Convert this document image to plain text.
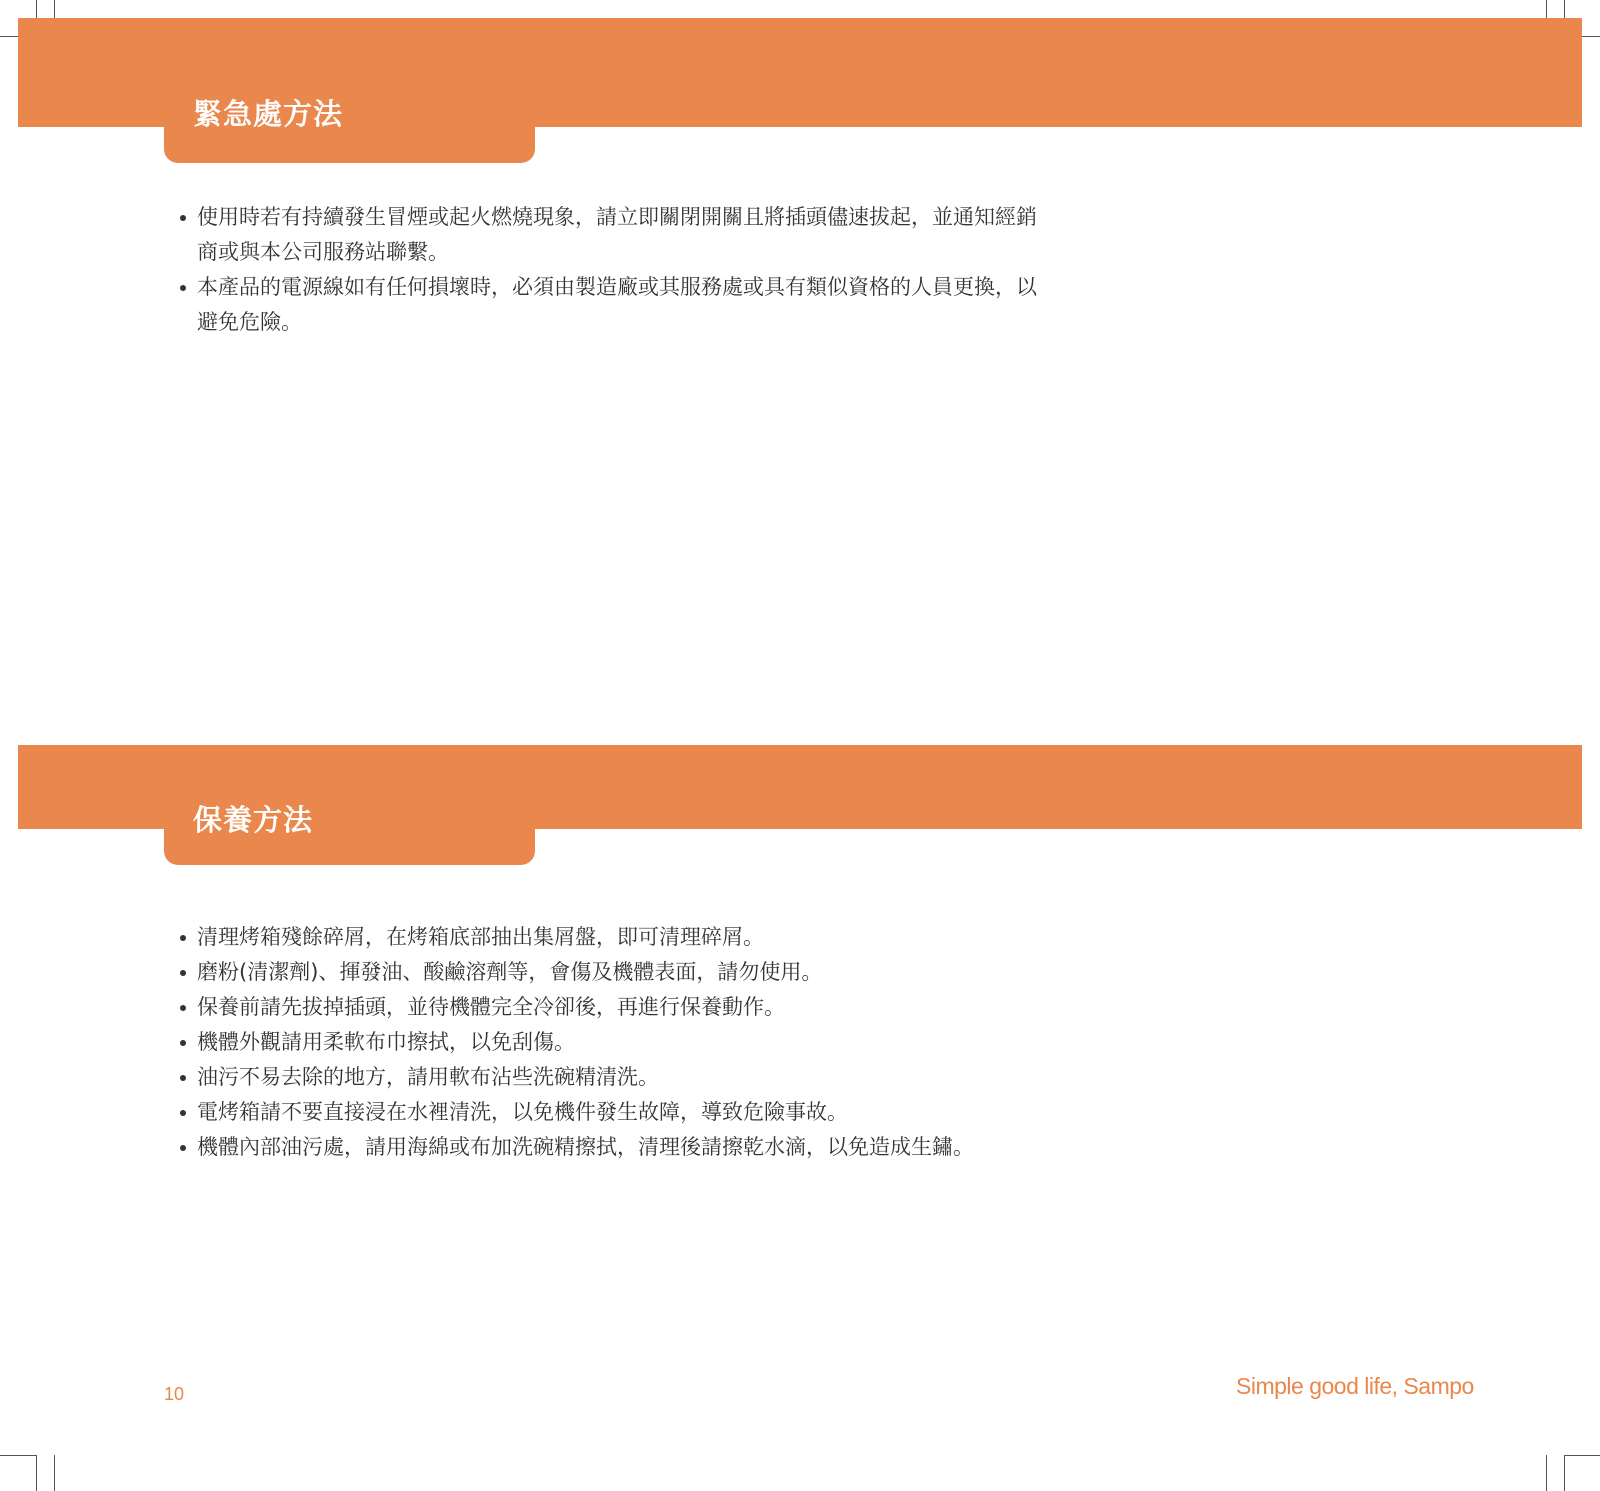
緊急處方法
使用時若有持續發生冒煙或起火燃燒現象，請立即關閉開關且將插頭儘速拔起，並通知經銷商或與本公司服務站聯繫。
本產品的電源線如有任何損壞時，必須由製造廠或其服務處或具有類似資格的人員更換，以避免危險。
保養方法
清理烤箱殘餘碎屑，在烤箱底部抽出集屑盤，即可清理碎屑。
磨粉(清潔劑)、揮發油、酸鹼溶劑等，會傷及機體表面，請勿使用。
保養前請先拔掉插頭，並待機體完全冷卻後，再進行保養動作。
機體外觀請用柔軟布巾擦拭，以免刮傷。
油污不易去除的地方，請用軟布沾些洗碗精清洗。
電烤箱請不要直接浸在水裡清洗，以免機件發生故障，導致危險事故。
機體內部油污處，請用海綿或布加洗碗精擦拭，清理後請擦乾水滴，以免造成生鏽。

10	Simple good life, Sampo
